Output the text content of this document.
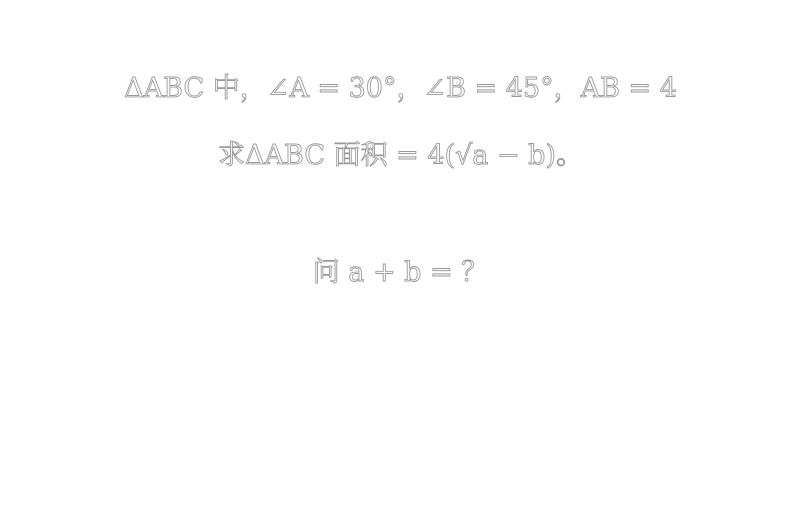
ΔABC 中，∠A = 30°，∠B = 45°，AB = 4
求ΔABC 面积 = 4(√a − b)。
问 a + b = ？
